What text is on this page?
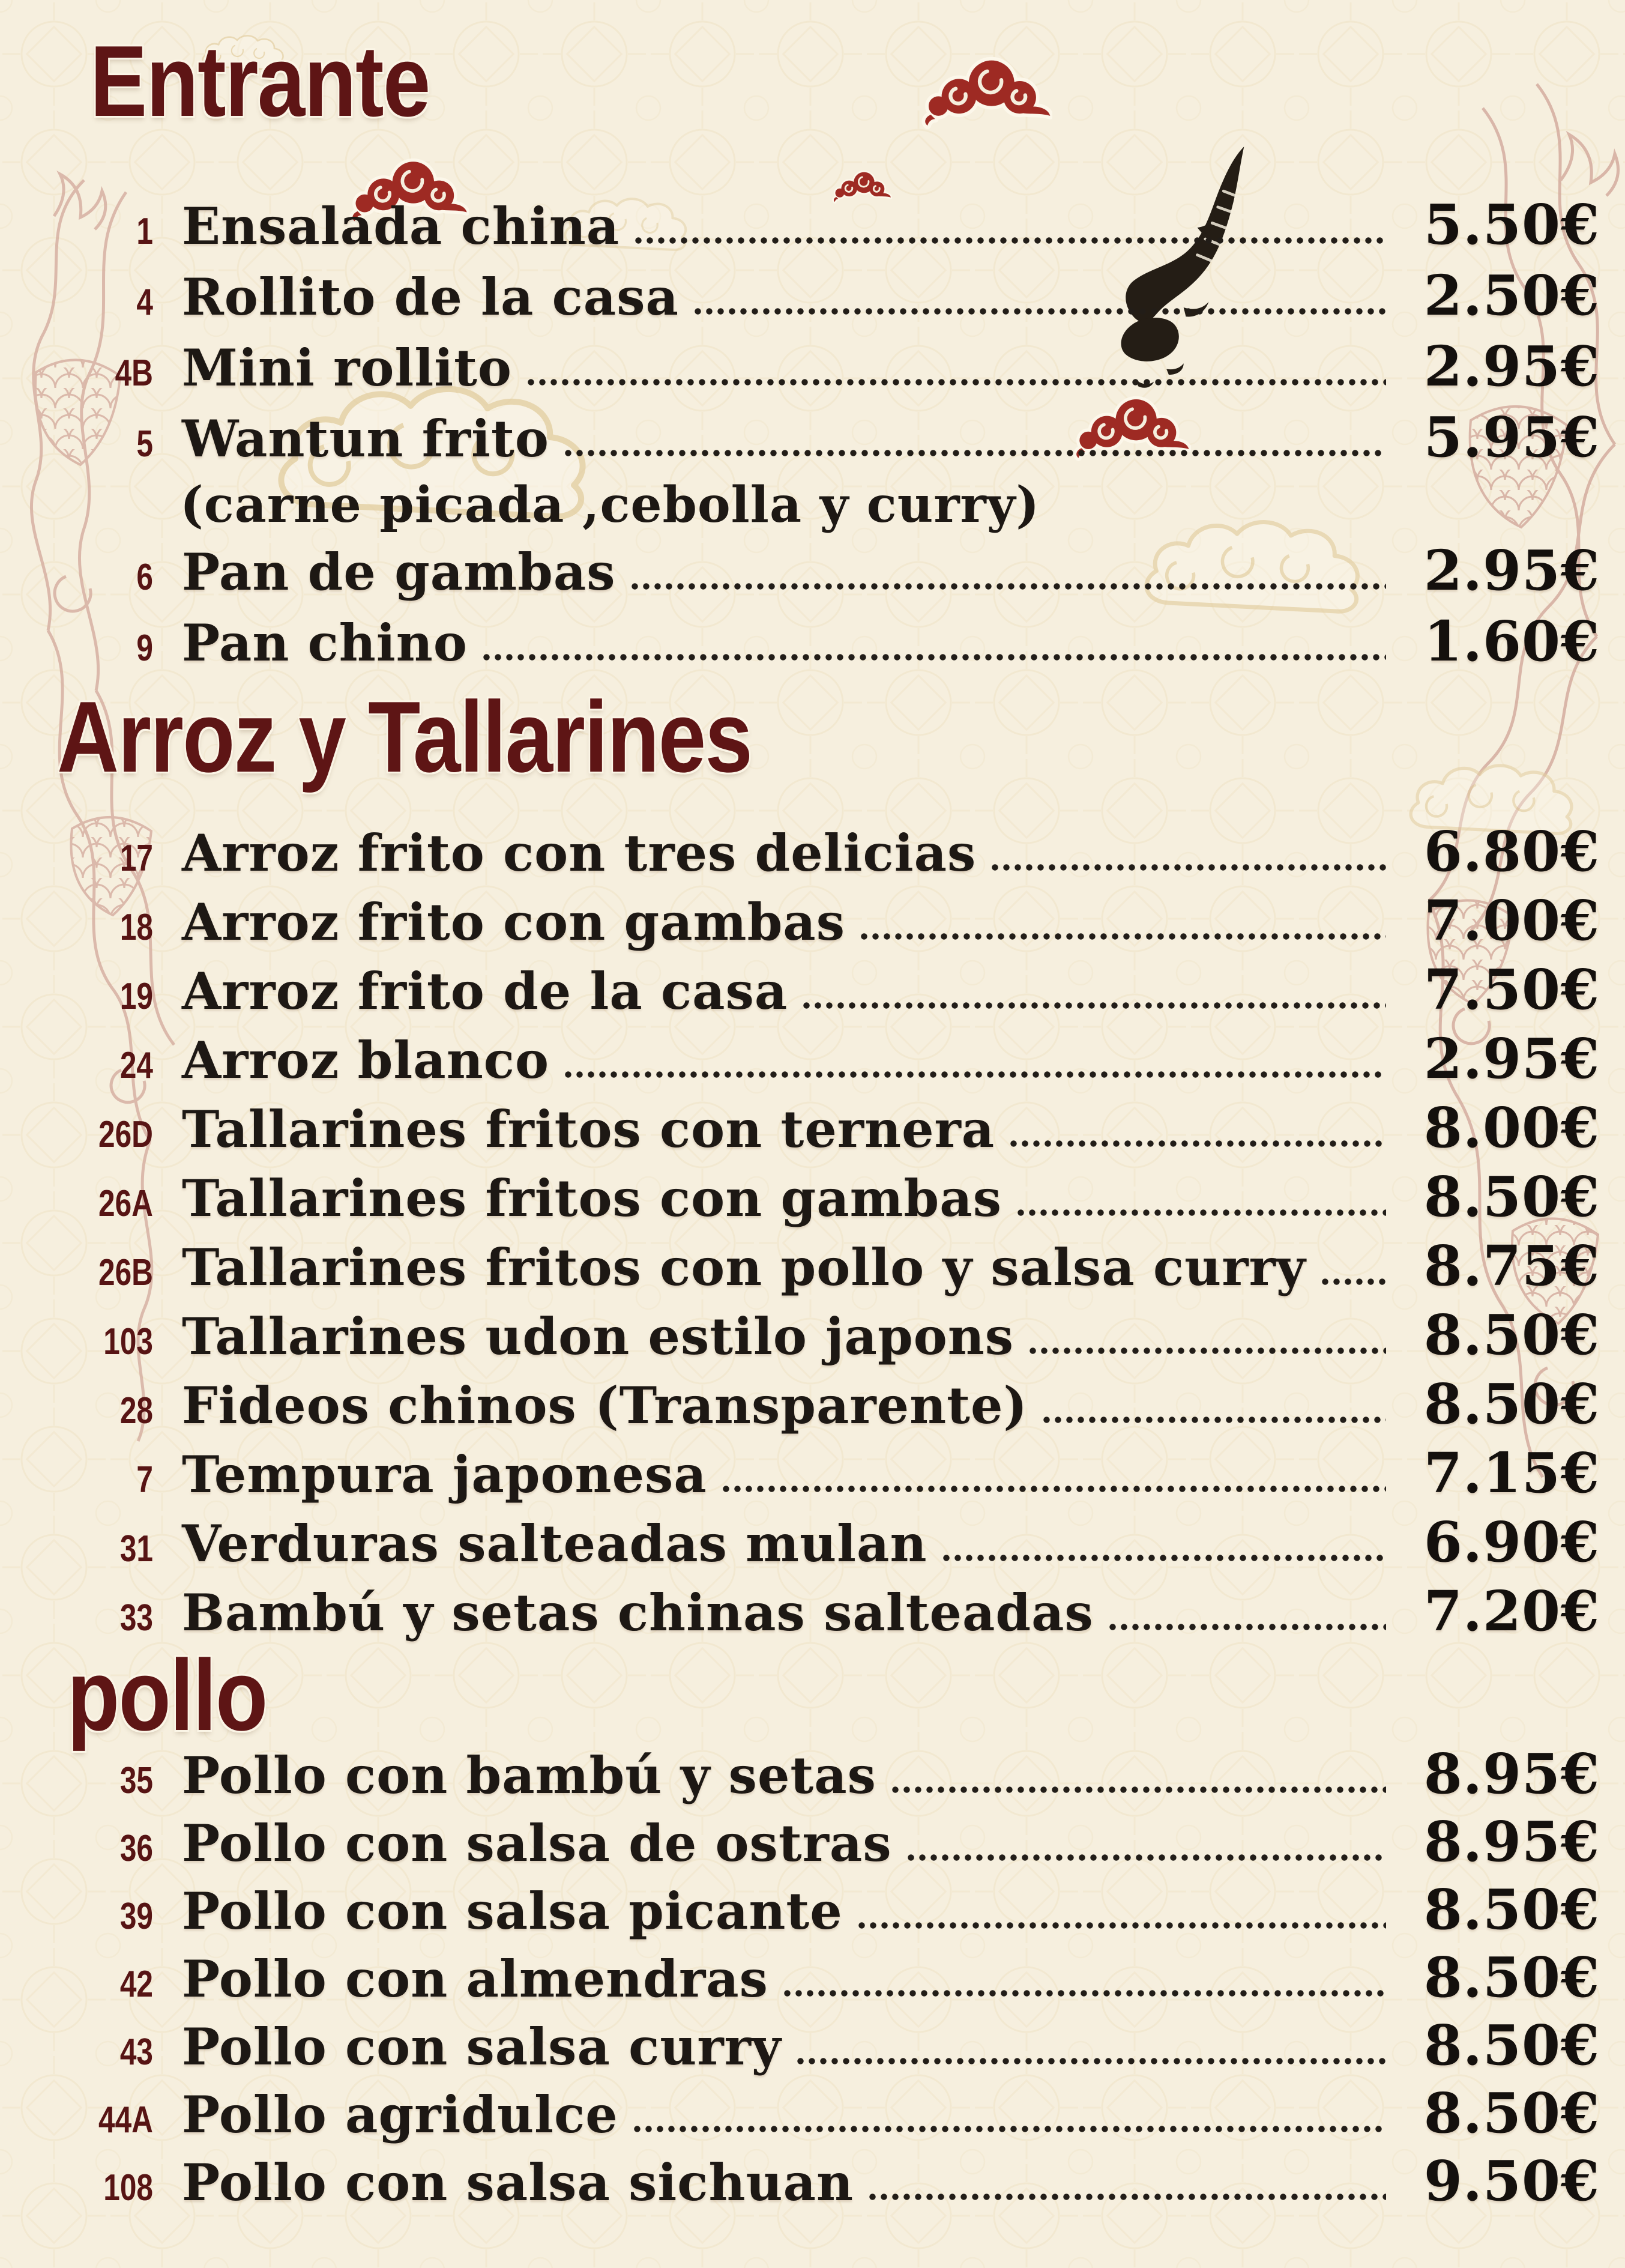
Entrante
1 Ensalada china	5.50€
4 Rollito de la casa	2.50€
4B Mini rollito	2.95€
5 Wantun frito	5.95€
(carne picada ,cebolla y curry)
6 Pan de gambas	2.95€
9 Pan chino	1.60€
Arroz y Tallarines
17 Arroz frito con tres delicias	6.80€
18 Arroz frito con gambas	7.00€
19 Arroz frito de la casa	7.50€
24 Arroz blanco	2.95€
26D Tallarines fritos con ternera	8.00€
26A Tallarines fritos con gambas	8.50€
26B Tallarines fritos con pollo y salsa curry	8.75€
103 Tallarines udon estilo japons	8.50€
28 Fideos chinos (Transparente)	8.50€
7 Tempura japonesa	7.15€
31 Verduras salteadas mulan	6.90€
33 Bambú y setas chinas salteadas	7.20€
pollo
35 Pollo con bambú y setas	8.95€
36 Pollo con salsa de ostras	8.95€
39 Pollo con salsa picante	8.50€
42 Pollo con almendras	8.50€
43 Pollo con salsa curry	8.50€
44A Pollo agridulce	8.50€
108 Pollo con salsa sichuan	9.50€
